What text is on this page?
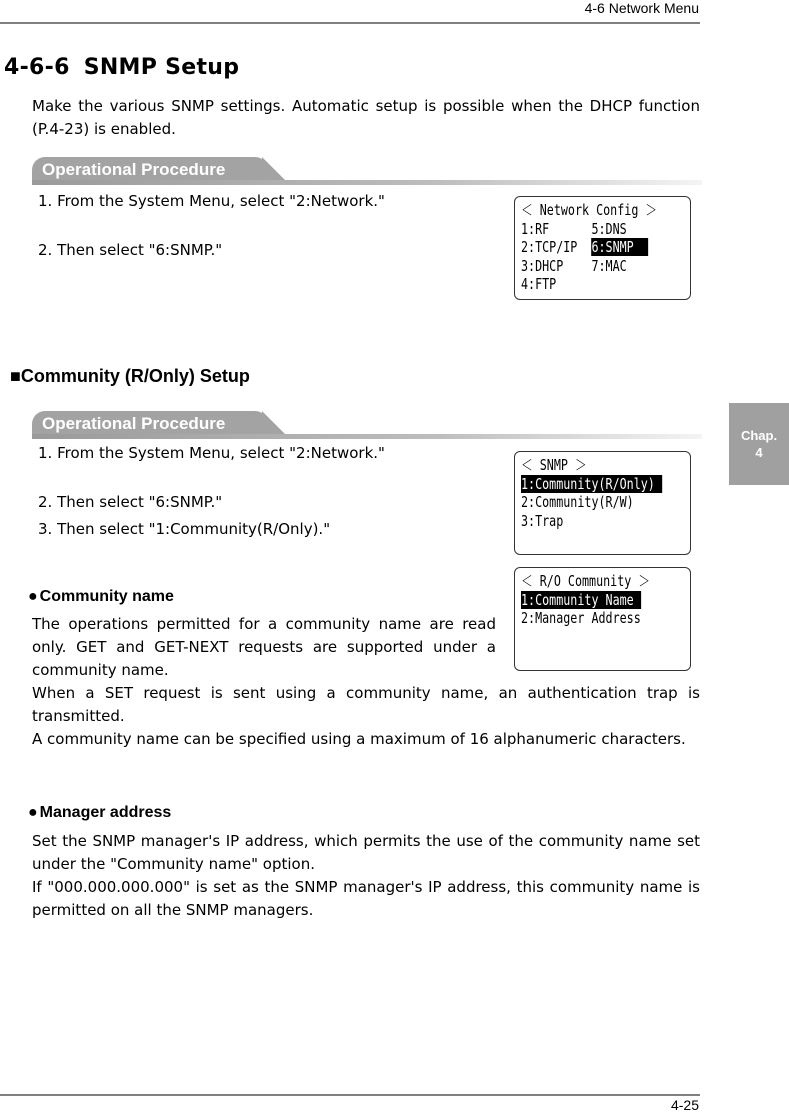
4-6 Network Menu
4-6-6 SNMP Setup
Make the various SNMP settings. Automatic setup is possible when the DHCP function (P.4-23) is enabled.
Operational Procedure
1. From the System Menu, select "2:Network."
2. Then select "6:SNMP."
＜ Network Config ＞
1:RF      5:DNS
2:TCP/IP  6:SNMP
3:DHCP    7:MAC
4:FTP
■Community (R/Only) Setup
Operational Procedure
1. From the System Menu, select "2:Network."
2. Then select "6:SNMP."
3. Then select "1:Community(R/Only)."
＜ SNMP ＞
1:Community(R/Only)
2:Community(R/W)
3:Trap
＜ R/O Community ＞
1:Community Name
2:Manager Address
● Community name
The operations permitted for a community name are read only. GET and GET-NEXT requests are supported under a community name.
When a SET request is sent using a community name, an authentication trap is transmitted.
A community name can be specified using a maximum of 16 alphanumeric characters.
● Manager address
Set the SNMP manager's IP address, which permits the use of the community name set under the "Community name" option.
If "000.000.000.000" is set as the SNMP manager's IP address, this community name is permitted on all the SNMP managers.
Chap.
4
4-25
